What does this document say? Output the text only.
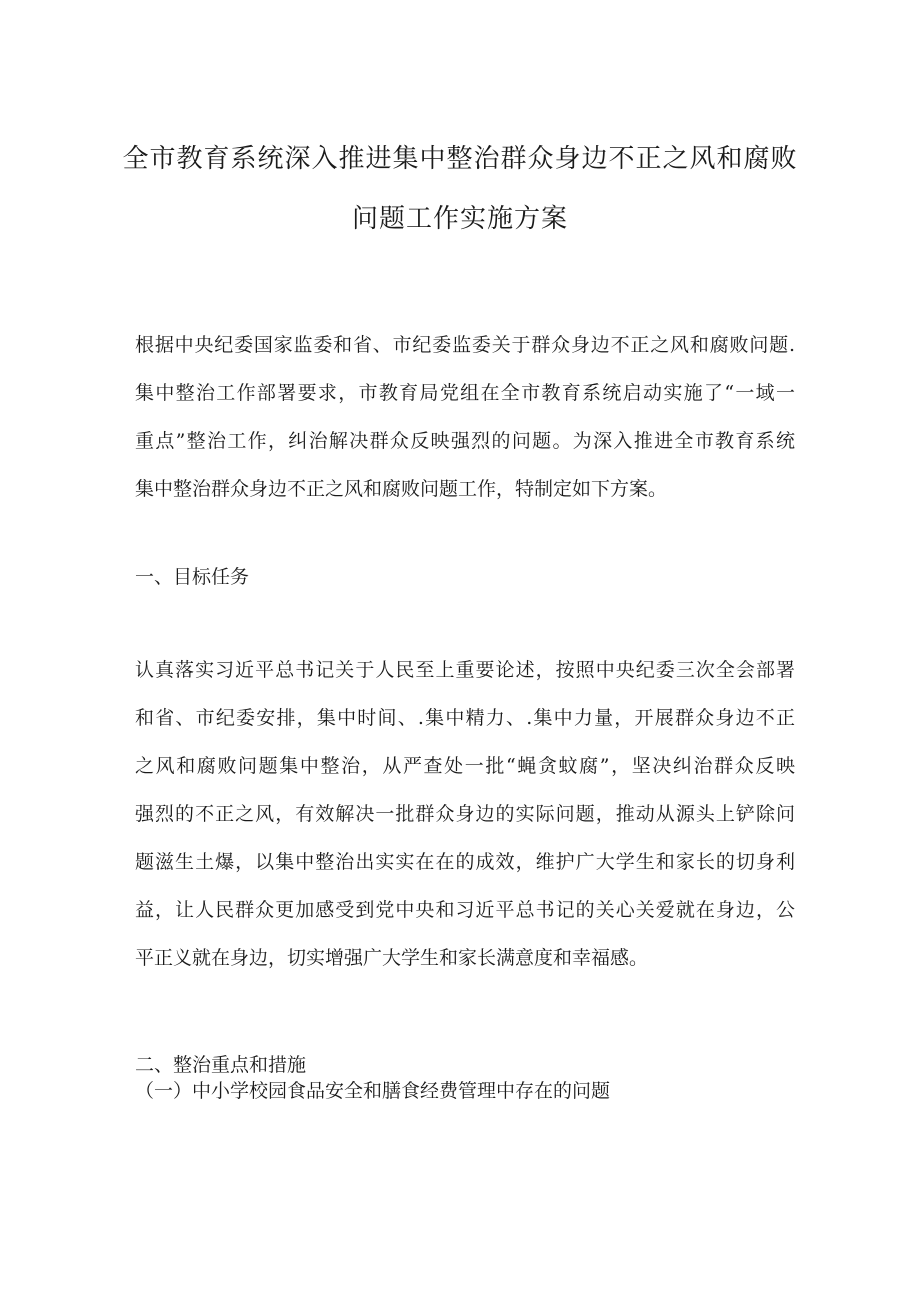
全市教育系统深入推进集中整治群众身边不正之风和腐败
问题工作实施方案
根据中央纪委国家监委和省、市纪委监委关于群众身边不正之风和腐败问题.
集中整治工作部署要求，市教育局党组在全市教育系统启动实施了“一域一
重点”整治工作，纠治解决群众反映强烈的问题。为深入推进全市教育系统
集中整治群众身边不正之风和腐败问题工作，特制定如下方案。
一、目标任务
认真落实习近平总书记关于人民至上重要论述，按照中央纪委三次全会部署
和省、市纪委安排，集中时间、.集中精力、.集中力量，开展群众身边不正
之风和腐败问题集中整治，从严查处一批“蝇贪蚊腐”，坚决纠治群众反映
强烈的不正之风，有效解决一批群众身边的实际问题，推动从源头上铲除问
题滋生土爆，以集中整治出实实在在的成效，维护广大学生和家长的切身利
益，让人民群众更加感受到党中央和习近平总书记的关心关爱就在身边，公
平正义就在身边，切实增强广大学生和家长满意度和幸福感。
二、整治重点和措施
（一）中小学校园食品安全和膳食经费管理中存在的问题
